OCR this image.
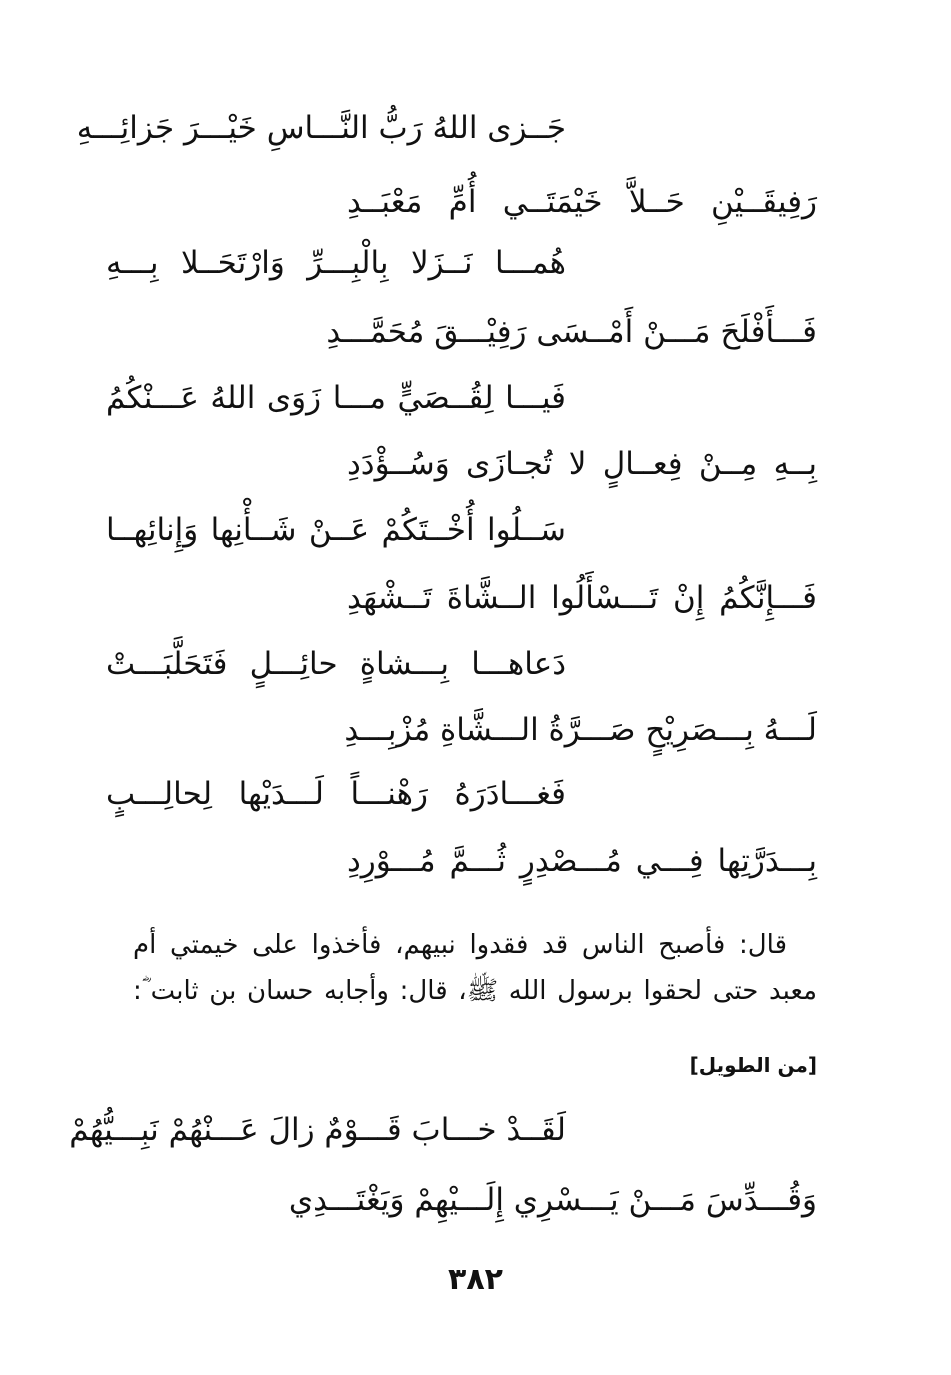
جَــزى اللهُ رَبُّ النَّـــاسِ خَيْـــرَ جَزائِـــهِ
رَفِيقَــيْنِ حَــلاَّ خَيْمَتَــي أُمِّ مَعْبَــدِ
هُمـــا نَــزَلا بِالْبِـــرِّ وَارْتَحَــلا بِـــهِ
فَـــأَفْلَحَ مَـــنْ أَمْــسَى رَفِيْـــقَ مُحَمَّـــدِ
فَيـــا لِقُــصَيٍّ مـــا زَوَى اللهُ عَـــنْكُمُ
بِــهِ مِــنْ فِعــالٍ لا تُجـازَى وَسُــؤْدَدِ
سَــلُوا أُخْــتَكُمْ عَــنْ شَــأْنِها وَإِنائِهــا
فَـــإِنَّكُمُ إِنْ تَـــسْأَلُوا الــشَّاةَ تَــشْهَدِ
دَعاهـــا بِـــشاةٍ حائِـــلٍ فَتَحَلَّبَـــتْ
لَـــهُ بِـــصَرِيْحٍ صَـــرَّةُ الـــشَّاةِ مُزْبِـــدِ
فَغـــادَرَهُ رَهْنـــاً لَـــدَيْها لِحالِـــبٍ
بِـــدَرَّتِها فِـــي مُـــصْدِرٍ ثُـــمَّ مُـــوْرِدِ
قال: فأصبح الناس قد فقدوا نبيهم، فأخذوا على خيمتي أم
معبد حتى لحقوا برسول الله ﷺ، قال: وأجابه حسان بن ثابت ؓ:
[من الطويل]
لَقَــدْ خـــابَ قَـــوْمٌ زالَ عَـــنْهُمْ نَبِـــيُّهُمْ
وَقُـــدِّسَ مَـــنْ يَـــسْرِي إِلَـــيْهِمْ وَيَغْتَـــدِي
٣٨٢
